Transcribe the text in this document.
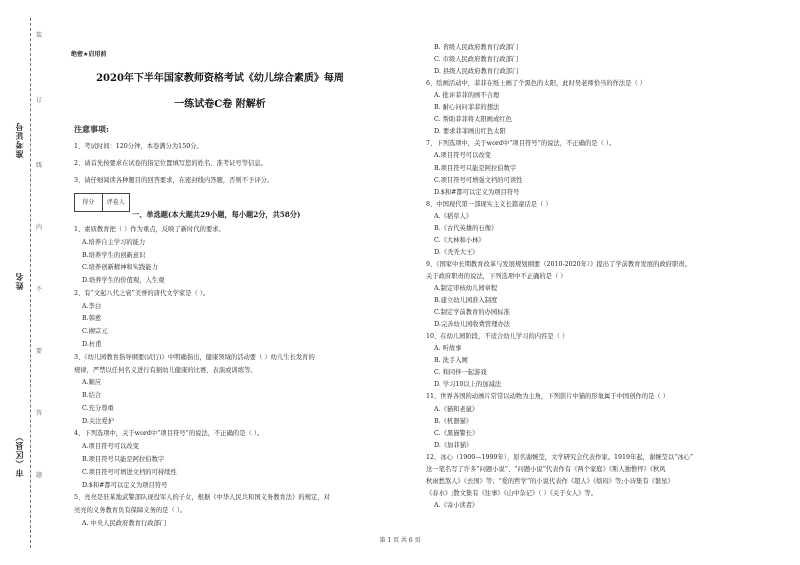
准考证号
姓名
市（区县）
装
订
线
内
不
要
答
题
绝密★启用前
2020年下半年国家教师资格考试《幼儿综合素质》每周
一练试卷C卷 附解析
注意事项:
1、考试时间：120分钟，本卷满分为150分。
2、请首先按要求在试卷的指定位置填写您的姓名、准考证号等信息。
3、请仔细阅读各种题目的回答要求，在密封线内答题，否则不予评分。
得分	评卷人
一、单选题(本大题共29小题，每小题2分，共58分)
1、素质教育把（ ）作为重点，反映了新时代的要求。
A.培养自主学习的能力
B.培养学生的创新意识
C.培养创新精神和实践能力
D.培养学生的价值观，人生观
2、有“文起八代之衰”美誉的唐代文学家是（ ）。
A.李白
B.韩愈
C.柳宗元
D.杜甫
3、《幼儿园教育指导纲要(试行)》中明确指出，健康领域的活动要（ ）幼儿生长发育的
规律，严禁以任何名义进行有损幼儿健康的比赛、表演或训练等。
A.顺应
B.结合
C.充分尊重
D.关注爱护
4、下列选项中，关于word中“项目符号”的说法，不正确的是（ ）。
A.项目符号可以改变
B.项目符号只能是阿拉伯数字
C.项目符号可增进文档的可持续性
D.$和#都可以定义为项目符号
5、亮亮是驻某地武警部队现役军人的子女，根据《中华人民共和国义务教育法》的规定，对
亮亮的义务教育负有保障义务的是（ ）。
A. 中央人民政府教育行政部门
B. 省级人民政府教育行政部门
C. 市级人民政府教育行政部门
D. 县级人民政府教育行政部门
6、绘画活动中，菲菲在纸上画了个黑色的太阳，此时吴老师恰当的作法是（ ）
A. 批评菲菲的画不合理
B. 耐心问问菲菲的想法
C. 帮助菲菲将太阳画成红色
D. 要求菲菲画出红色太阳
7、下列选项中，关于word中“项目符号”的说法，不正确的是（ ）。
A.项目符号可以改变
B.项目符号只能是阿拉伯数字
C.项目符号可增强文档的可读性
D.$和#都可以定义为项目符号
8、中国现代第一部现实主义长篇童话是（ ）
A.《稻草人》
B.《古代英雄的石像》
C.《大林和小林》
D.《秃秃大王》
9、《国家中长期教育改革与发展规划纲要（2010-2020年）》提出了学前教育发展的政府职责。
关于政府职责的说法，下列选项中不正确的是（ ）
A.制定审核幼儿园章程
B.建立幼儿园准入制度
C.制定学前教育的办园标准
D.完善幼儿园收费管理办法
10、在幼儿园阶段，不适合幼儿学习的内容是（ ）
A. 听故事
B. 洗手入厕
C. 和同伴一起游戏
D. 学习10以上的加减法
11、世界各国的动画片常常以动物为主角，下列影片中猫的形象属于中国创作的是（ ）
A.《猫和老鼠》
B.《机器猫》
C.《黑猫警长》
D.《加菲猫》
12、冰心（1900—1999年），原名谢婉莹，文学研究会代表作家。1919年起，谢婉莹以“冰心”
这一笔名写了许多“问题小说”、“问题小说”代表作有《两个家庭》《斯人独憔悴》《秋风
秋雨愁煞人》《去国》等；“爱的哲学”的小说代表作《超人》《烦闷》等;小诗集有《繁星》
《春水》;散文集有《往事》《山中杂记》（ ）《关于女人》等。
A.《寄小读者》
第 1 页 共 6 页
